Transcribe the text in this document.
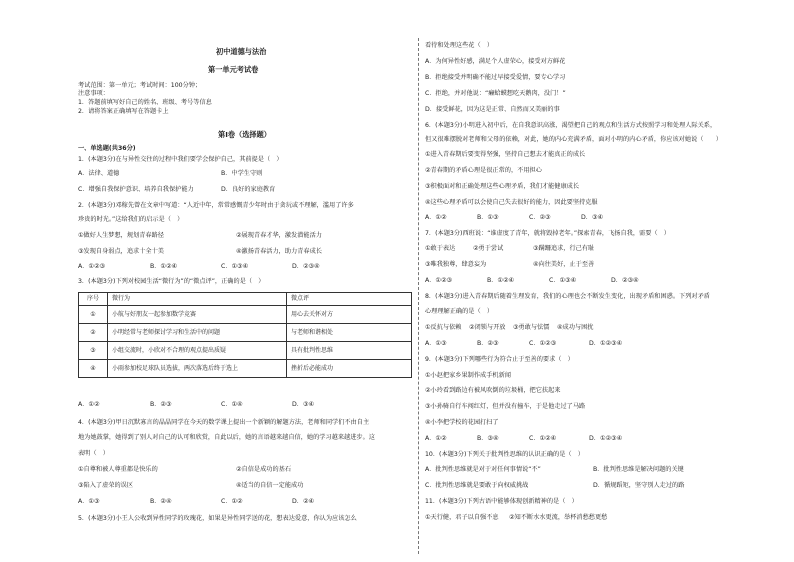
初中道德与法治
第一单元考试卷
考试范围：第一单元；考试时间：100分钟；
注意事项：
1．答题前填写好自己的姓名、班级、考号等信息
2．请将答案正确填写在答题卡上
第I卷（选择题）
一、单选题(共36分)
1．(本题3分)在与异性交往的过程中我们要学会保护自己，其前提是（　）
A．法律、道德	B．中学生守则
C．增强自我保护意识、培养自我保护能力	D．良好的家庭教育
2．(本题3分)邓稼先曾在文章中写道：“人近中年，常常感慨青少年时由于贪玩或不理解，滥用了许多
珍贵的时光。”这给我们的启示是（　）
①做好人生梦想，规划青春路径	②展现青春才华，激发潜能活力
③发现自身弱点，追求十全十美	④激扬青春活力，助力青春成长
A．①②③	B．①②④	C．①③④	D．②③④
3．(本题3分)下列对校园生活“微行为”的“微点评”，正确的是（　）
序号	微行为	微点评
①	小航与好朋友一起参加数学竞赛	用心去关怀对方
②	小明经常与老师探讨学习和生活中的问题	与老师和谐相处
③	小组交流时，小欣对不合理的观点提出质疑	具有批判性思维
④	小雨参加校足球队员选拔，两次落选后终于选上	挫折后必能成功
A．①②	B．②③	C．①④	D．③④
4．(本题3分)甲日沉默寡言的晶晶同学在今天的数学课上提出一个新颖的解题方法，老师和同学们不由自主
地为她鼓掌，她得到了别人对自己的认可和欣赏，自此以后，她的言语越来越自信，她的学习越来越进步。这
表明（　）
①自尊和被人尊重都是快乐的	②自信是成功的基石
③陷入了虚荣的误区	④适当的自信一定能成功
A．①③	B．②④	C．①②	D．②④
5．(本题3分)小王人公收到异性同学的玫瑰花，如果是异性同学送的花，想表达爱意，你认为应该怎么
看待和处理这些花（　）
A．为何异性好感，满足个人虚荣心，接受对方鲜花
B．拒绝接受并明确不能过早接受爱情，要专心学习
C．拒绝，并对他说：“癞蛤蟆想吃天鹅肉，没门！”
D．接受鲜花，因为这是正常、自然而又美丽的事
6．(本题3分)小明进入初中后，在自我意识高涨，渴望把自己的观点和生活方式按照学习和处理人际关系，
但又很难摆脱对老师和父母的依赖，对此，她的内心充满矛盾，面对小明的内心矛盾，你应该对她说（　　）
①进入青春期后要变得坚强，坚持自己想去才能真正的成长
②青春期的矛盾心理是很正常的，不用担心
③积极面对和正确处理这些心理矛盾，我们才能健康成长
④这些心理矛盾可以会使自己失去很好的能力，因此要坚持克服
A．①②	B．①③	C．②③	D．③④
7．(本题3分)西班说：“谁虚度了青年，就将毁掉老年。”探索青春，飞扬自我，需要（　）
①敢于表达	②勇于尝试	③蹒跚追求，行己有耻
③唯我独尊，肆意妄为	④向往美好，止于至善
A．①②③	B．①②④	C．①③④	D．②③④
8．(本题3分)进入青春期后随着生理发育，我们的心理也会不断发生变化，出现矛盾和困惑。下列对矛盾
心理理解正确的是（　）
①反抗与依赖 ②闭锁与开放 ③勇敢与怯懦 ④成功与困扰
A．①③	B．②③	C．①②③	D．①②③④
9．(本题3分)下列哪些行为符合止于至善的要求（　）
①小赵把家乡果制作成手机新闻
②小玲看到路边有被风吹倒的垃圾桶，把它扶起来
③小孙骑自行车闯红灯，但并没有撞车，于是他走过了马路
④小李把学校的花园打扫了
A．①②	B．③④	C．①②④	D．①②③④
10．(本题3分)下列关于批判性思维的认识正确的是（　）
A．批判性思维就是对于对任何事情说“不”	B．批判性思维是解决问题的关键
C．批判性思维就是要敢于向权威挑战	D．循规蹈矩，坚守别人走过的路
11．(本题3分)下列古语中能够体现创新精神的是（　）
①天行健，君子以自强不息 ②知不断水水更流，举杯消愁愁更愁
